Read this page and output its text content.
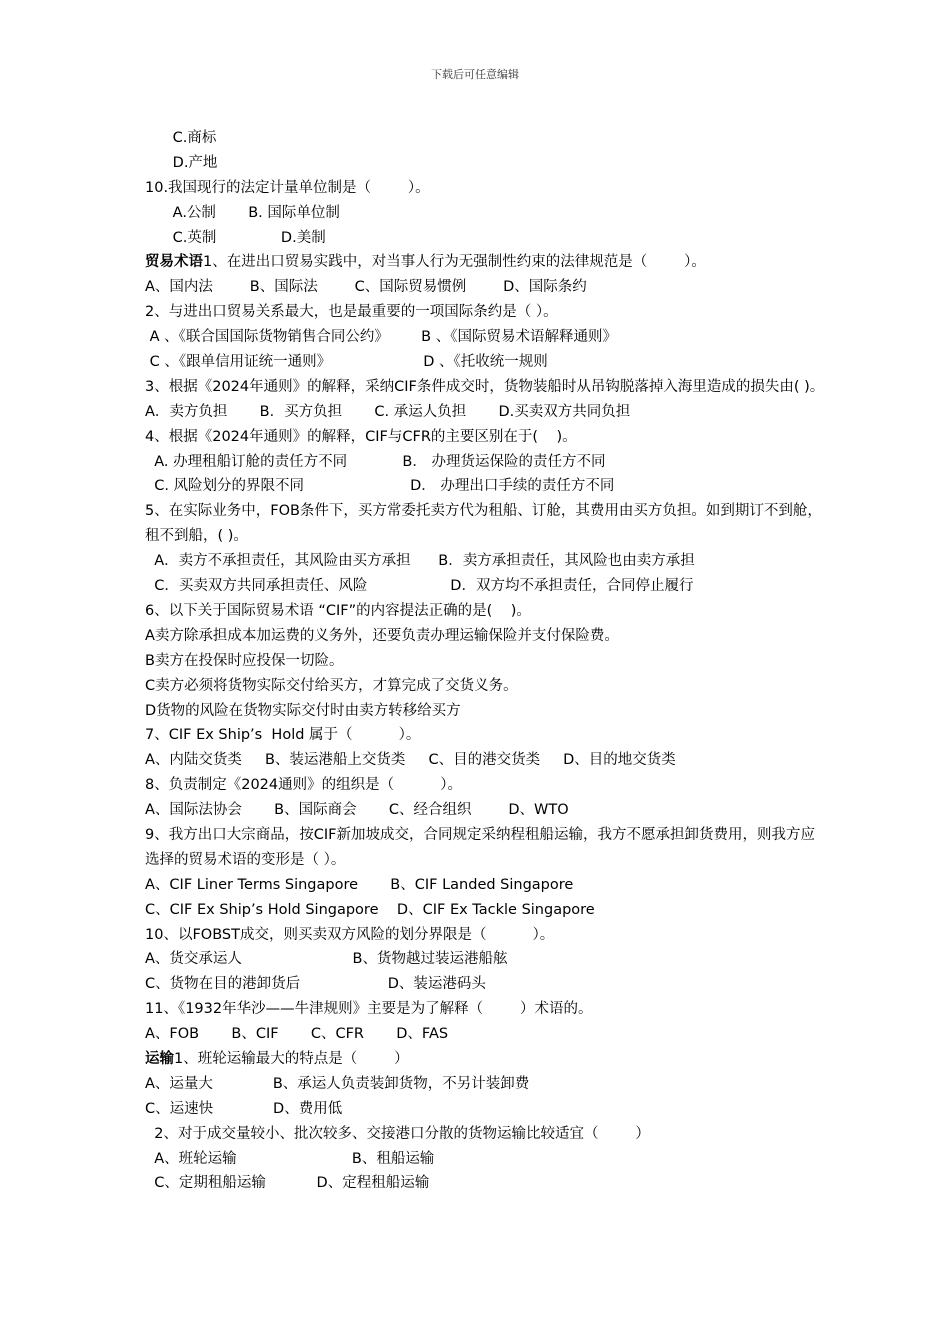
下载后可任意编辑
C.商标
D.产地
10.我国现行的法定计量单位制是（        ）。
A.公制       B. 国际单位制
C.英制              D.美制
贸易术语1、在进出口贸易实践中，对当事人行为无强制性约束的法律规范是（        ）。
A、国内法        B、国际法        C、国际贸易惯例        D、国际条约
2、与进出口贸易关系最大，也是最重要的一项国际条约是（ ）。
A 、《联合国国际货物销售合同公约》       B 、《国际贸易术语解释通则》
C 、《跟单信用证统一通则》                    D 、《托收统一规则
3、根据《2024年通则》的解释，采纳CIF条件成交时，货物装船时从吊钩脱落掉入海里造成的损失由( )。
A．卖方负担       B．买方负担       C. 承运人负担       D.买卖双方共同负担
4、根据《2024年通则》的解释，CIF与CFR的主要区别在于(    )。
A. 办理租船订舱的责任方不同            B． 办理货运保险的责任方不同
C. 风险划分的界限不同                       D． 办理出口手续的责任方不同
5、在实际业务中，FOB条件下，买方常委托卖方代为租船、订舱，其费用由买方负担。如到期订不到舱，租不到船，( )。
A．卖方不承担责任，其风险由买方承担      B．卖方承担责任，其风险也由卖方承担
C．买卖双方共同承担责任、风险                  D．双方均不承担责任，合同停止履行
6、以下关于国际贸易术语 “CIF”的内容提法正确的是(    )。
A卖方除承担成本加运费的义务外，还要负责办理运输保险并支付保险费。
B卖方在投保时应投保一切险。
C卖方必须将货物实际交付给买方，才算完成了交货义务。
D货物的风险在货物实际交付时由卖方转移给买方
7、CIF Ex Ship’s  Hold 属于（          ）。
A、内陆交货类     B、装运港船上交货类     C、目的港交货类     D、目的地交货类
8、负责制定《2024通则》的组织是（          ）。
A、国际法协会       B、国际商会       C、经合组织        D、WTO
9、我方出口大宗商品，按CIF新加坡成交，合同规定采纳程租船运输，我方不愿承担卸货费用，则我方应选择的贸易术语的变形是（ ）。
A、CIF Liner Terms Singapore       B、CIF Landed Singapore
C、CIF Ex Ship’s Hold Singapore    D、CIF Ex Tackle Singapore
10、以FOBST成交，则买卖双方风险的划分界限是（          ）。
A、货交承运人                        B、货物越过装运港船舷
C、货物在目的港卸货后                   D、装运港码头
11、《1932年华沙——牛津规则》主要是为了解释（        ）术语的。
A、FOB       B、CIF       C、CFR       D、FAS
运输1、班轮运输最大的特点是（        ）
A、运量大             B、承运人负责装卸货物，不另计装卸费
C、运速快             D、费用低
2、对于成交量较小、批次较多、交接港口分散的货物运输比较适宜（        ）
A、班轮运输                         B、租船运输
C、定期租船运输           D、定程租船运输
